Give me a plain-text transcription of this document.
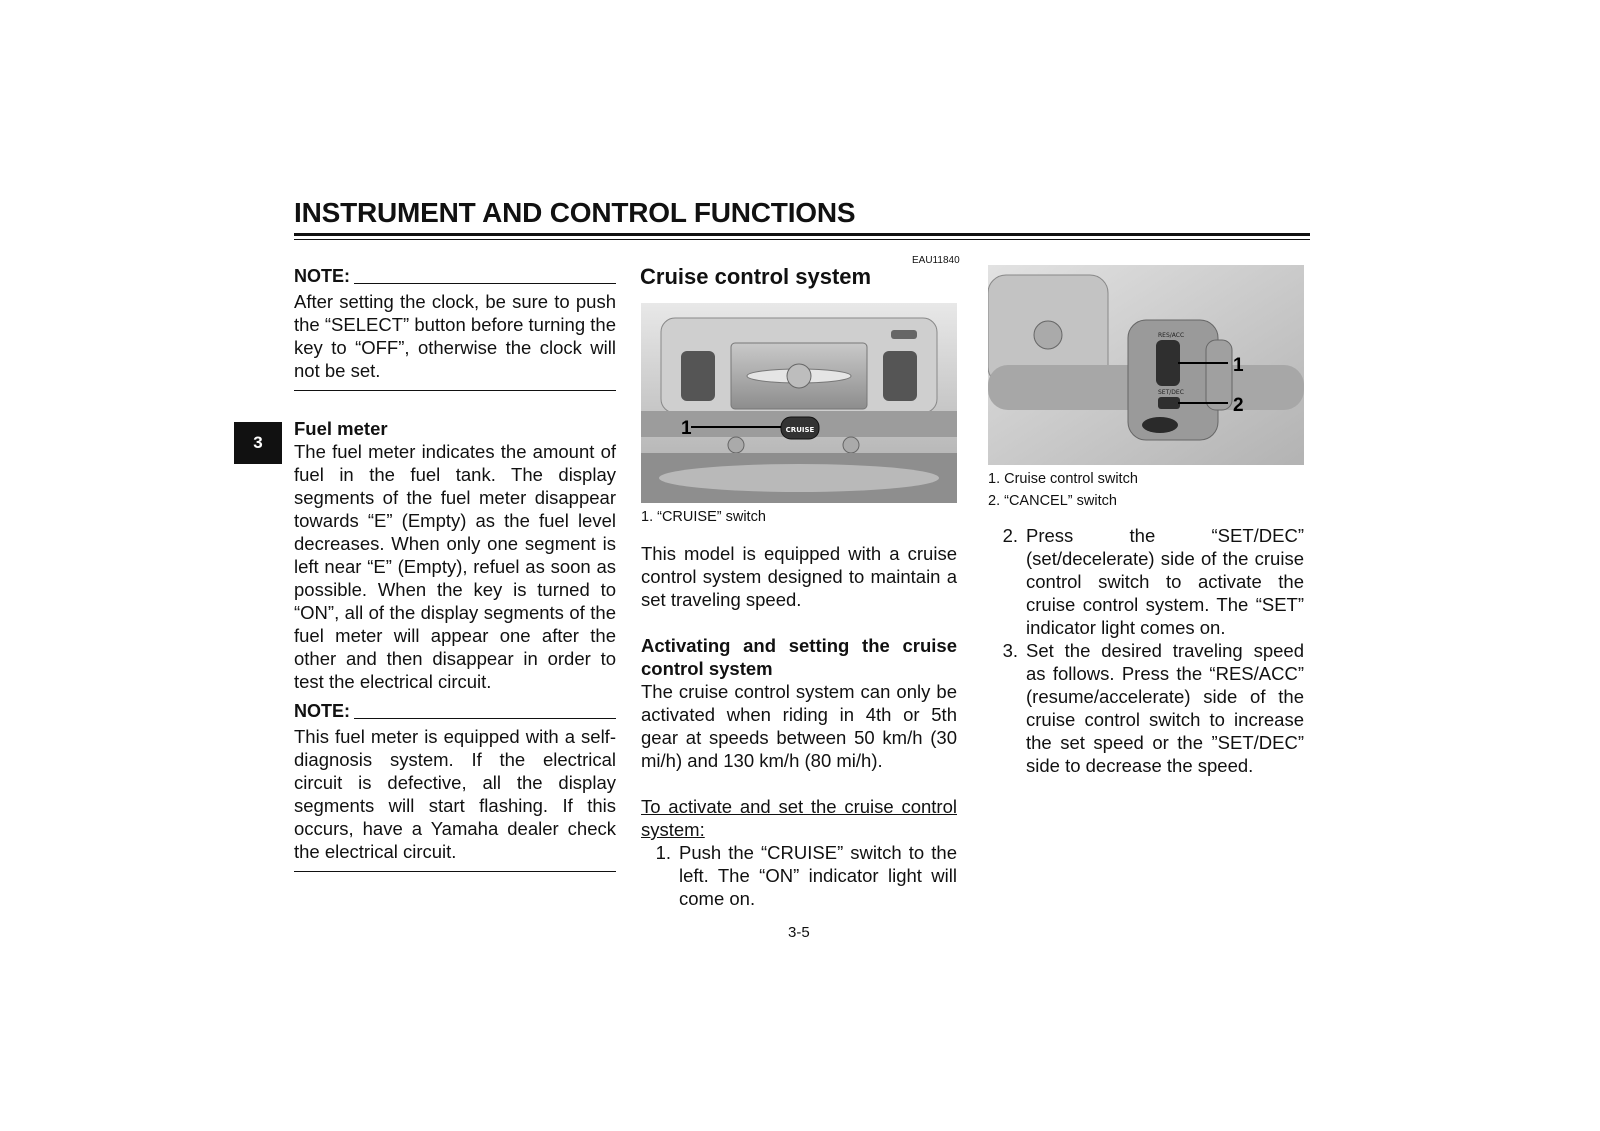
INSTRUMENT AND CONTROL FUNCTIONS
3
NOTE:

After setting the clock, be sure to push the “SELECT” button before turning the key to “OFF”, otherwise the clock will not be set.

Fuel meter

The fuel meter indicates the amount of fuel in the fuel tank. The display segments of the fuel meter disappear towards “E” (Empty) as the fuel level decreases. When only one segment is left near “E” (Empty), refuel as soon as possible. When the key is turned to “ON”, all of the display segments of the fuel meter will appear one after the other and then disappear in order to test the electrical circuit.

NOTE:

This fuel meter is equipped with a self-diagnosis system. If the electrical circuit is defective, all the display segments will start flashing. If this occurs, have a Yamaha dealer check the electrical circuit.

EAU11840
Cruise control system
CRUISE
1
1. “CRUISE” switch

This model is equipped with a cruise control system designed to maintain a set traveling speed.

Activating and setting the cruise control system

The cruise control system can only be activated when riding in 4th or 5th gear at speeds between 50 km/h (30 mi/h) and 130 km/h (80 mi/h).

To activate and set the cruise control system:
1. Push the “CRUISE” switch to the left. The “ON” indicator light will come on.
RES/ACC
SET/DEC
1
2
1. Cruise control switch
2. “CANCEL” switch
2. Press the “SET/DEC” (set/decelerate) side of the cruise control switch to activate the cruise control system. The “SET” indicator light comes on.
3. Set the desired traveling speed as follows. Press the “RES/ACC” (resume/accelerate) side of the cruise control switch to increase the set speed or the ”SET/DEC” side to decrease the speed.
3-5
